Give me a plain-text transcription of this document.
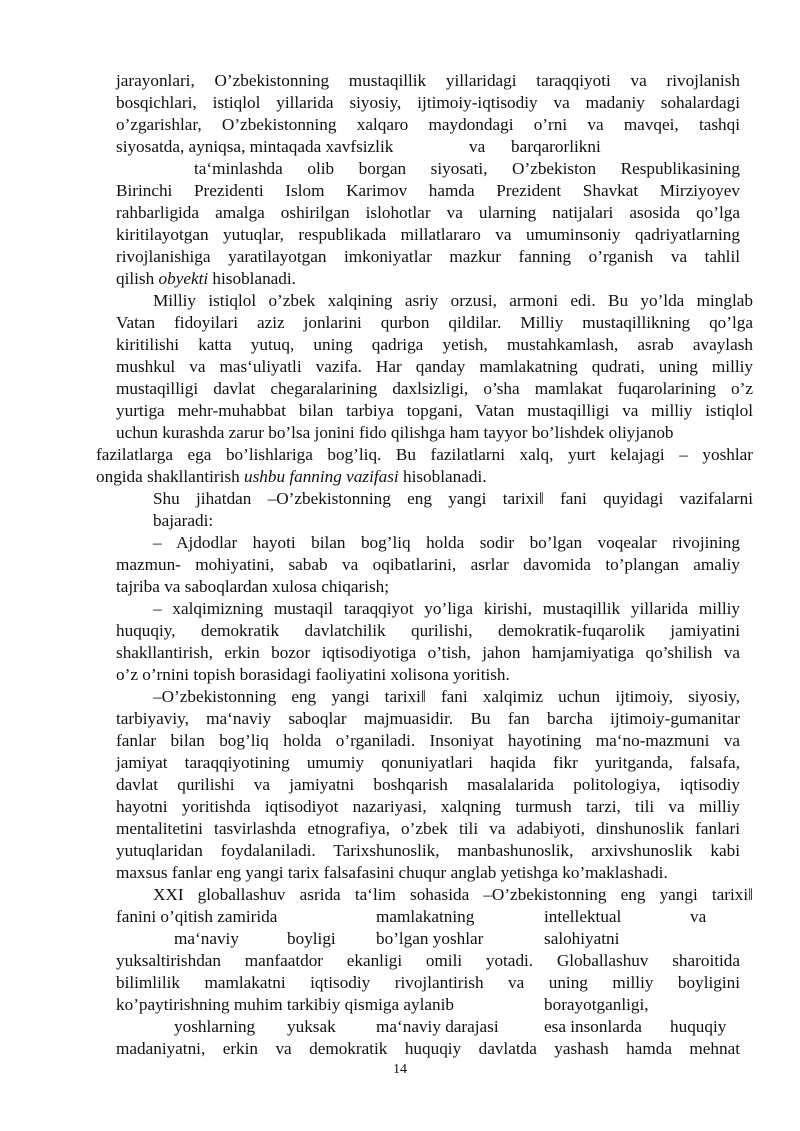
jarayonlari, O’zbekistonning mustaqillik yillaridagi taraqqiyoti va rivojlanish
bosqichlari, istiqlol yillarida siyosiy, ijtimoiy-iqtisodiy va madaniy sohalardagi
o’zgarishlar, O’zbekistonning xalqaro maydondagi o’rni va mavqei, tashqi
siyosatda, ayniqsa, mintaqada xavfsizlik	va barqarorlikni
ta‘minlashda olib borgan siyosati, O’zbekiston Respublikasining
Birinchi Prezidenti Islom Karimov hamda Prezident Shavkat Mirziyoyev
rahbarligida amalga oshirilgan islohotlar va ularning natijalari asosida qo’lga
kiritilayotgan yutuqlar, respublikada millatlararo va umuminsoniy qadriyatlarning
rivojlanishiga yaratilayotgan imkoniyatlar mazkur fanning o’rganish va tahlil
qilish obyekti hisoblanadi.
Milliy istiqlol o’zbek xalqining asriy orzusi, armoni edi. Bu yo’lda minglab
Vatan fidoyilari aziz jonlarini qurbon qildilar. Milliy mustaqillikning qo’lga
kiritilishi katta yutuq, uning qadriga yetish, mustahkamlash, asrab avaylash
mushkul va mas‘uliyatli vazifa. Har qanday mamlakatning qudrati, uning milliy
mustaqilligi davlat chegaralarining daxlsizligi, o’sha mamlakat fuqarolarining o’z
yurtiga mehr-muhabbat bilan tarbiya topgani, Vatan mustaqilligi va milliy istiqlol
uchun kurashda zarur bo’lsa jonini fido qilishga ham tayyor bo’lishdek oliyjanob
fazilatlarga ega bo’lishlariga bog’liq. Bu fazilatlarni xalq, yurt kelajagi – yoshlar
ongida shakllantirish ushbu fanning vazifasi hisoblanadi.
Shu jihatdan –O’zbekistonning eng yangi tarixi‖ fani quyidagi vazifalarni
bajaradi:
– Ajdodlar hayoti bilan bog’liq holda sodir bo’lgan voqealar rivojining
mazmun- mohiyatini, sabab va oqibatlarini, asrlar davomida to’plangan amaliy
tajriba va saboqlardan xulosa chiqarish;
– xalqimizning mustaqil taraqqiyot yo’liga kirishi, mustaqillik yillarida milliy
huquqiy, demokratik davlatchilik qurilishi, demokratik-fuqarolik jamiyatini
shakllantirish, erkin bozor iqtisodiyotiga o’tish, jahon hamjamiyatiga qo’shilish va
o’z o’rnini topish borasidagi faoliyatini xolisona yoritish.
–O’zbekistonning eng yangi tarixi‖ fani xalqimiz uchun ijtimoiy, siyosiy,
tarbiyaviy, ma‘naviy saboqlar majmuasidir. Bu fan barcha ijtimoiy-gumanitar
fanlar bilan bog’liq holda o’rganiladi. Insoniyat hayotining ma‘no-mazmuni va
jamiyat taraqqiyotining umumiy qonuniyatlari haqida fikr yuritganda, falsafa,
davlat qurilishi va jamiyatni boshqarish masalalarida politologiya, iqtisodiy
hayotni yoritishda iqtisodiyot nazariyasi, xalqning turmush tarzi, tili va milliy
mentalitetini tasvirlashda etnografiya, o’zbek tili va adabiyoti, dinshunoslik fanlari
yutuqlaridan foydalaniladi. Tarixshunoslik, manbashunoslik, arxivshunoslik kabi
maxsus fanlar eng yangi tarix falsafasini chuqur anglab yetishga ko’maklashadi.
XXI globallashuv asrida ta‘lim sohasida –O’zbekistonning eng yangi tarixi‖
fanini o’qitish zamirida	mamlakatning	intellektual	va
ma‘naviy	boyligi bo’lgan yoshlar	salohiyatni
yuksaltirishdan manfaatdor ekanligi omili yotadi. Globallashuv sharoitida
bilimlilik mamlakatni iqtisodiy rivojlantirish va uning milliy boyligini
ko’paytirishning muhim tarkibiy qismiga aylanib	borayotganligi,
yoshlarning yuksak ma‘naviy darajasi	esa insonlarda huquqiy
madaniyatni, erkin va demokratik huquqiy davlatda yashash hamda mehnat
14
